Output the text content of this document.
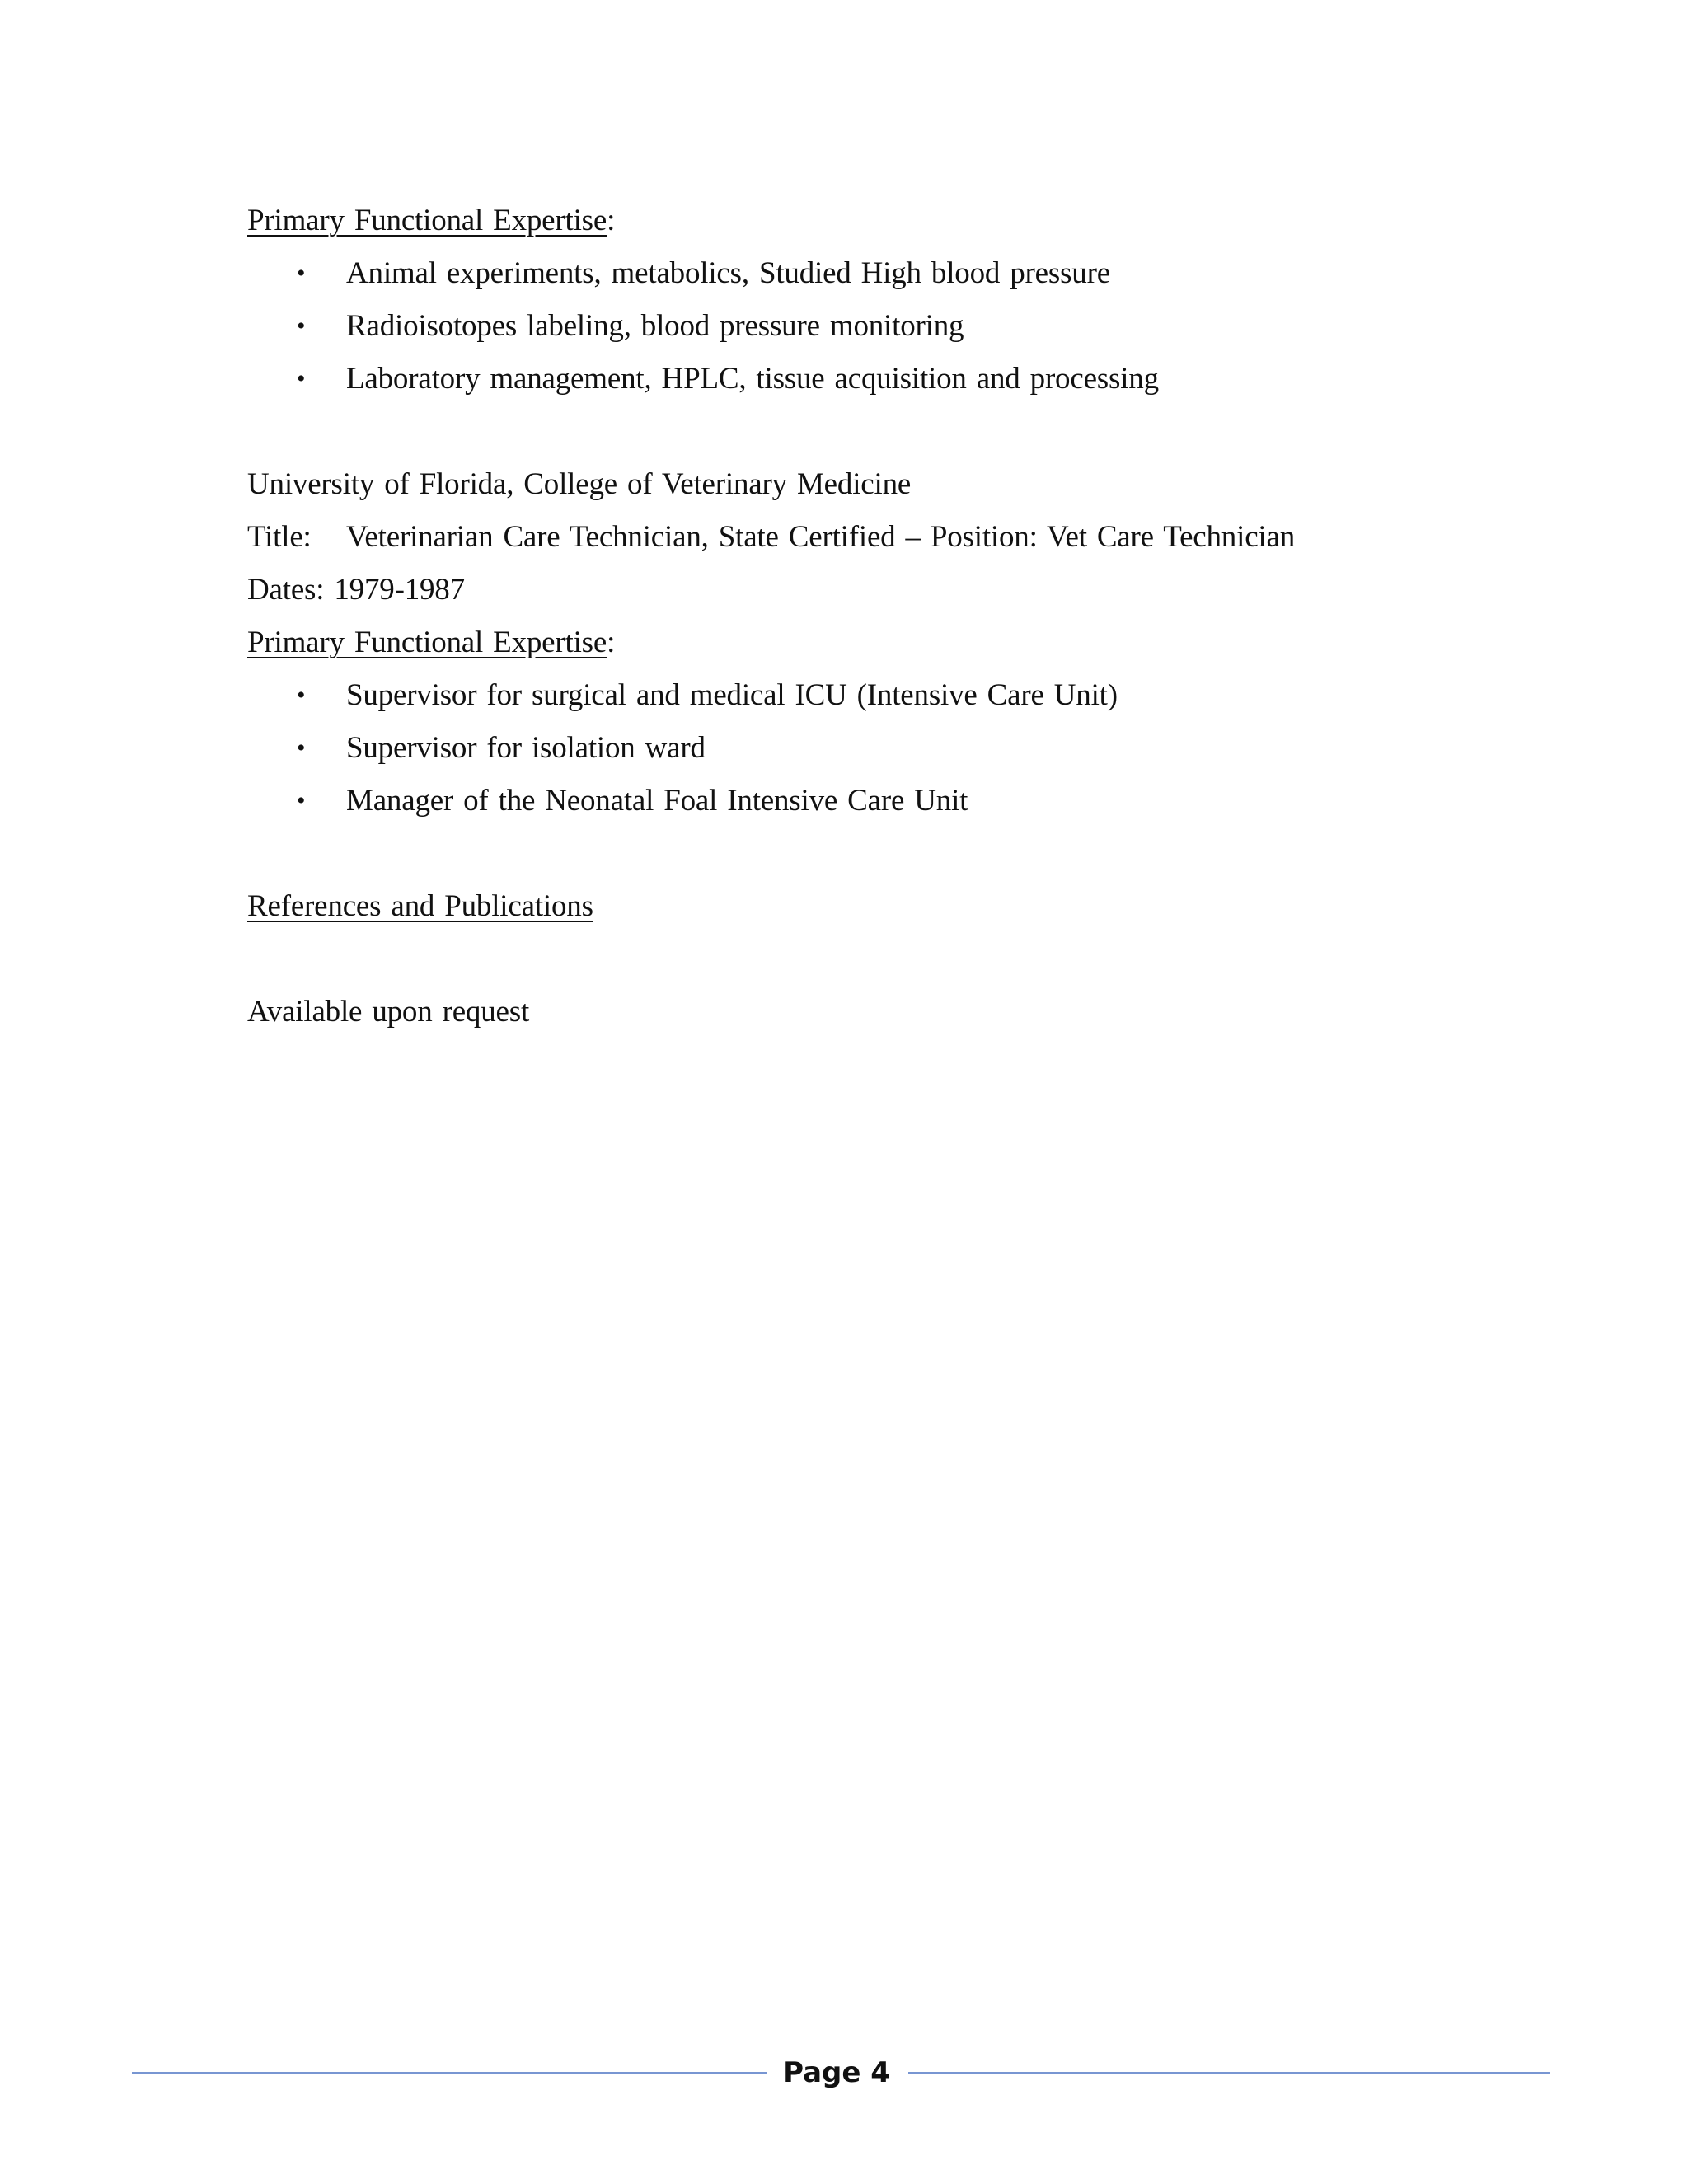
Primary Functional Expertise:
• Animal experiments, metabolics, Studied High blood pressure
• Radioisotopes labeling, blood pressure monitoring
• Laboratory management, HPLC, tissue acquisition and processing
University of Florida, College of Veterinary Medicine
Title: Veterinarian Care Technician, State Certified – Position: Vet Care Technician
Dates: 1979-1987
Primary Functional Expertise:
• Supervisor for surgical and medical ICU (Intensive Care Unit)
• Supervisor for isolation ward
• Manager of the Neonatal Foal Intensive Care Unit
References and Publications
Available upon request
Page 4
